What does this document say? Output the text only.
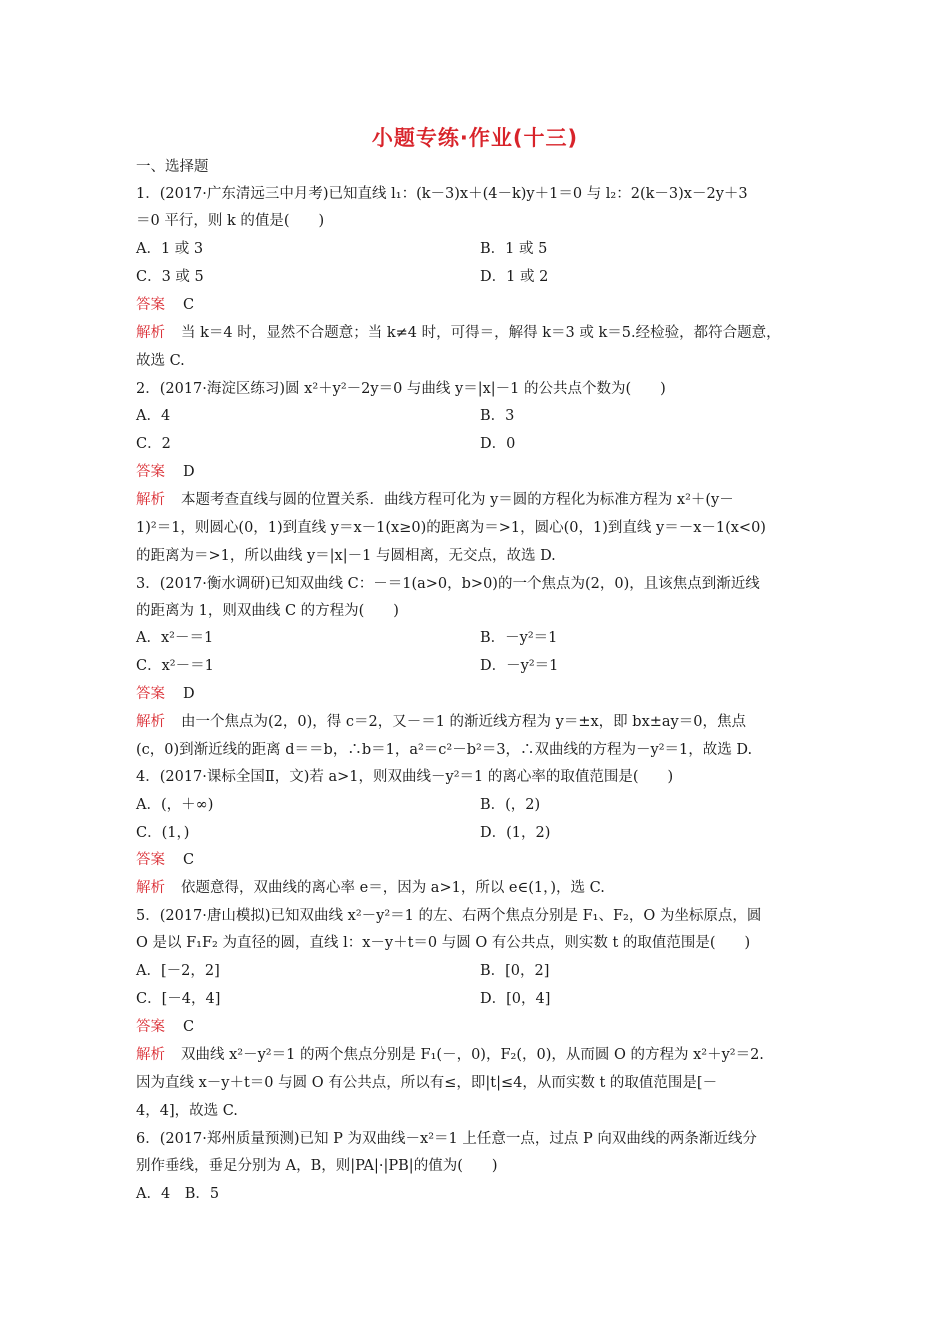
小题专练·作业(十三)
一、选择题
1．(2017·广东清远三中月考)已知直线 l₁：(k－3)x＋(4－k)y＋1＝0 与 l₂：2(k－3)x－2y＋3
＝0 平行，则 k 的值是(　　)
A．1 或 3	B．1 或 5
C．3 或 5	D．1 或 2
答案 C
解析 当 k＝4 时，显然不合题意；当 k≠4 时，可得＝，解得 k＝3 或 k＝5.经检验，都符合题意，
故选 C.
2．(2017·海淀区练习)圆 x²＋y²－2y＝0 与曲线 y＝|x|－1 的公共点个数为(　　)
A．4	B．3
C．2	D．0
答案 D
解析 本题考查直线与圆的位置关系．曲线方程可化为 y＝圆的方程化为标准方程为 x²＋(y－
1)²＝1，则圆心(0，1)到直线 y＝x－1(x≥0)的距离为＝>1，圆心(0，1)到直线 y＝－x－1(x<0)
的距离为＝>1，所以曲线 y＝|x|－1 与圆相离，无交点，故选 D.
3．(2017·衡水调研)已知双曲线 C：－＝1(a>0，b>0)的一个焦点为(2，0)，且该焦点到渐近线
的距离为 1，则双曲线 C 的方程为(　　)
A．x²－＝1	B．－y²＝1
C．x²－＝1	D．－y²＝1
答案 D
解析 由一个焦点为(2，0)，得 c＝2，又－＝1 的渐近线方程为 y＝±x，即 bx±ay＝0，焦点
(c，0)到渐近线的距离 d＝＝b，∴b＝1，a²＝c²－b²＝3，∴双曲线的方程为－y²＝1，故选 D.
4．(2017·课标全国Ⅱ，文)若 a>1，则双曲线－y²＝1 的离心率的取值范围是(　　)
A．(，＋∞)	B．(，2)
C．(1，)	D．(1，2)
答案 C
解析 依题意得，双曲线的离心率 e＝，因为 a>1，所以 e∈(1，)，选 C.
5．(2017·唐山模拟)已知双曲线 x²－y²＝1 的左、右两个焦点分别是 F₁、F₂，O 为坐标原点，圆
O 是以 F₁F₂ 为直径的圆，直线 l：x－y＋t＝0 与圆 O 有公共点，则实数 t 的取值范围是(　　)
A．[－2，2]	B．[0，2]
C．[－4，4]	D．[0，4]
答案 C
解析 双曲线 x²－y²＝1 的两个焦点分别是 F₁(－，0)，F₂(，0)，从而圆 O 的方程为 x²＋y²＝2.
因为直线 x－y＋t＝0 与圆 O 有公共点，所以有≤，即|t|≤4，从而实数 t 的取值范围是[－
4，4]，故选 C.
6．(2017·郑州质量预测)已知 P 为双曲线－x²＝1 上任意一点，过点 P 向双曲线的两条渐近线分
别作垂线，垂足分别为 A，B，则|PA|·|PB|的值为(　　)
A．4　B．5
